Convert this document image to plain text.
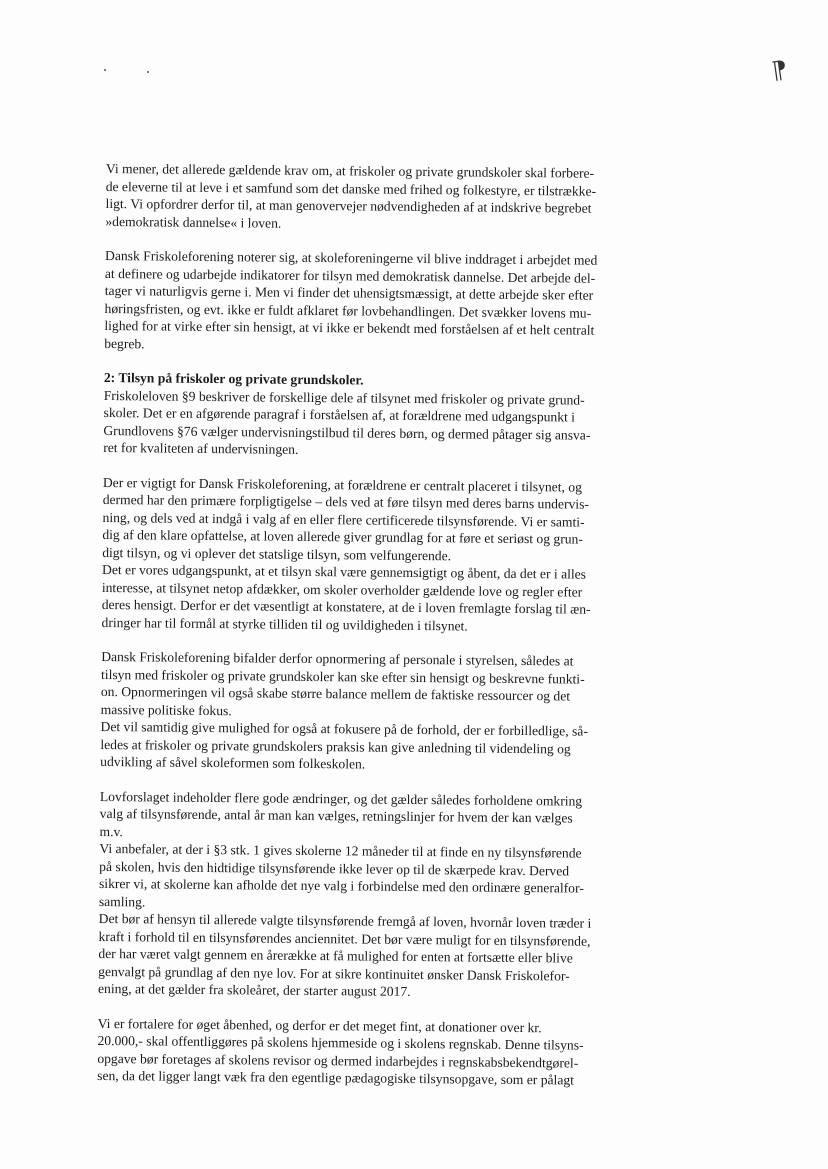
⁋
Vi mener, det allerede gældende krav om, at friskoler og private grundskoler skal forbere-
de eleverne til at leve i et samfund som det danske med frihed og folkestyre, er tilstrække-
ligt. Vi opfordrer derfor til, at man genovervejer nødvendigheden af at indskrive begrebet
»demokratisk dannelse« i loven.
Dansk Friskoleforening noterer sig, at skoleforeningerne vil blive inddraget i arbejdet med
at definere og udarbejde indikatorer for tilsyn med demokratisk dannelse. Det arbejde del-
tager vi naturligvis gerne i. Men vi finder det uhensigtsmæssigt, at dette arbejde sker efter
høringsfristen, og evt. ikke er fuldt afklaret før lovbehandlingen. Det svækker lovens mu-
lighed for at virke efter sin hensigt, at vi ikke er bekendt med forståelsen af et helt centralt
begreb.
2: Tilsyn på friskoler og private grundskoler.
Friskoleloven §9 beskriver de forskellige dele af tilsynet med friskoler og private grund-
skoler. Det er en afgørende paragraf i forståelsen af, at forældrene med udgangspunkt i
Grundlovens §76 vælger undervisningstilbud til deres børn, og dermed påtager sig ansva-
ret for kvaliteten af undervisningen.
Der er vigtigt for Dansk Friskoleforening, at forældrene er centralt placeret i tilsynet, og
dermed har den primære forpligtigelse – dels ved at føre tilsyn med deres barns undervis-
ning, og dels ved at indgå i valg af en eller flere certificerede tilsynsførende. Vi er samti-
dig af den klare opfattelse, at loven allerede giver grundlag for at føre et seriøst og grun-
digt tilsyn, og vi oplever det statslige tilsyn, som velfungerende.
Det er vores udgangspunkt, at et tilsyn skal være gennemsigtigt og åbent, da det er i alles
interesse, at tilsynet netop afdækker, om skoler overholder gældende love og regler efter
deres hensigt. Derfor er det væsentligt at konstatere, at de i loven fremlagte forslag til æn-
dringer har til formål at styrke tilliden til og uvildigheden i tilsynet.
Dansk Friskoleforening bifalder derfor opnormering af personale i styrelsen, således at
tilsyn med friskoler og private grundskoler kan ske efter sin hensigt og beskrevne funkti-
on. Opnormeringen vil også skabe større balance mellem de faktiske ressourcer og det
massive politiske fokus.
Det vil samtidig give mulighed for også at fokusere på de forhold, der er forbilledlige, så-
ledes at friskoler og private grundskolers praksis kan give anledning til videndeling og
udvikling af såvel skoleformen som folkeskolen.
Lovforslaget indeholder flere gode ændringer, og det gælder således forholdene omkring
valg af tilsynsførende, antal år man kan vælges, retningslinjer for hvem der kan vælges
m.v.
Vi anbefaler, at der i §3 stk. 1 gives skolerne 12 måneder til at finde en ny tilsynsførende
på skolen, hvis den hidtidige tilsynsførende ikke lever op til de skærpede krav. Derved
sikrer vi, at skolerne kan afholde det nye valg i forbindelse med den ordinære generalfor-
samling.
Det bør af hensyn til allerede valgte tilsynsførende fremgå af loven, hvornår loven træder i
kraft i forhold til en tilsynsførendes anciennitet. Det bør være muligt for en tilsynsførende,
der har været valgt gennem en årerække at få mulighed for enten at fortsætte eller blive
genvalgt på grundlag af den nye lov. For at sikre kontinuitet ønsker Dansk Friskolefor-
ening, at det gælder fra skoleåret, der starter august 2017.
Vi er fortalere for øget åbenhed, og derfor er det meget fint, at donationer over kr.
20.000,- skal offentliggøres på skolens hjemmeside og i skolens regnskab. Denne tilsyns-
opgave bør foretages af skolens revisor og dermed indarbejdes i regnskabsbekendtgørel-
sen, da det ligger langt væk fra den egentlige pædagogiske tilsynsopgave, som er pålagt
